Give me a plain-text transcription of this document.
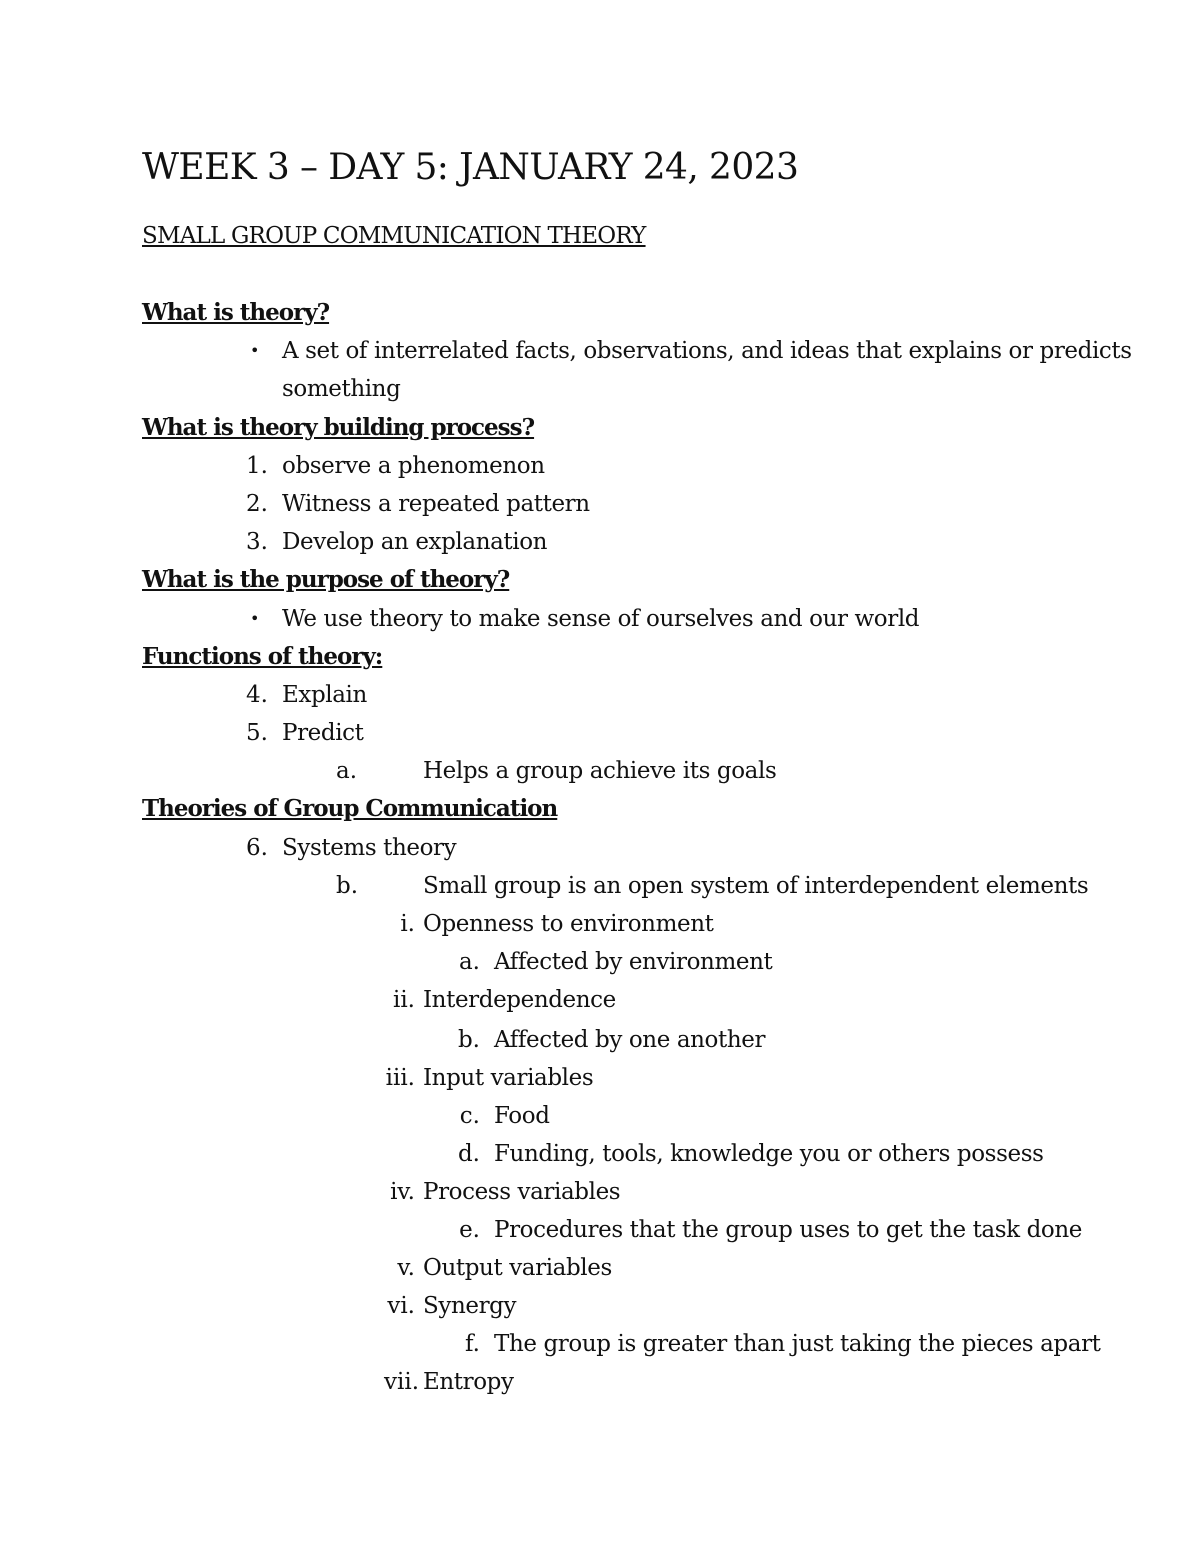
WEEK 3 – DAY 5: JANUARY 24, 2023
SMALL GROUP COMMUNICATION THEORY
What is theory?
• A set of interrelated facts, observations, and ideas that explains or predicts
something
What is theory building process?
1. observe a phenomenon
2. Witness a repeated pattern
3. Develop an explanation
What is the purpose of theory?
• We use theory to make sense of ourselves and our world
Functions of theory:
4. Explain
5. Predict
a.	Helps a group achieve its goals
Theories of Group Communication
6. Systems theory
b.	Small group is an open system of interdependent elements
i. Openness to environment
a. Affected by environment
ii. Interdependence
b. Affected by one another
iii. Input variables
c. Food
d. Funding, tools, knowledge you or others possess
iv. Process variables
e. Procedures that the group uses to get the task done
v. Output variables
vi. Synergy
f. The group is greater than just taking the pieces apart
vii. Entropy
